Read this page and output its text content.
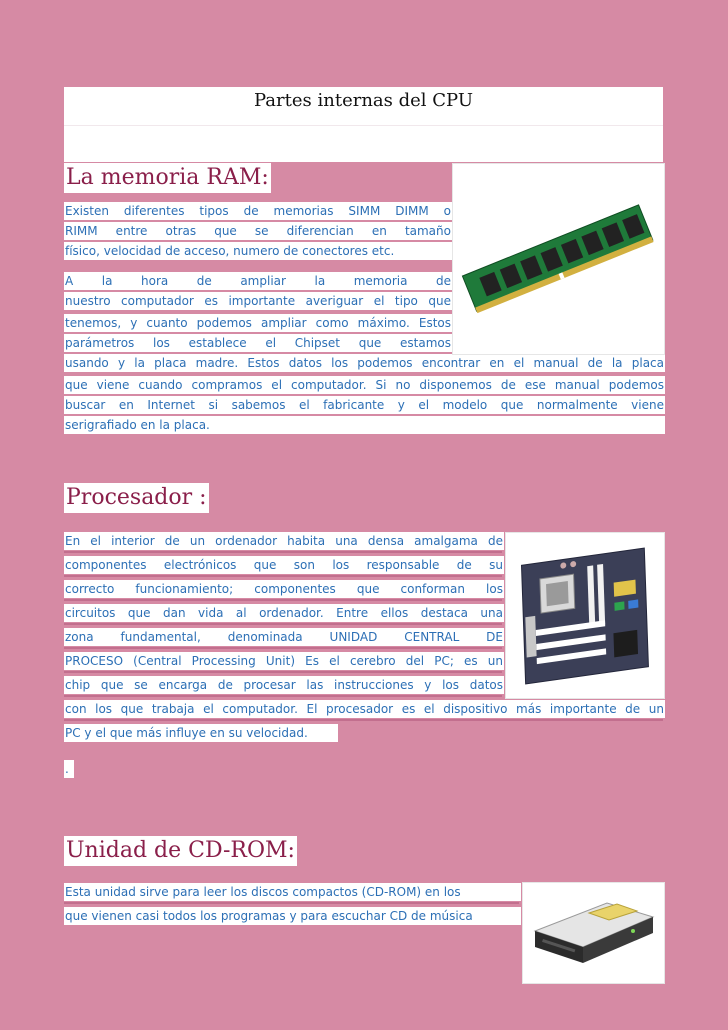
Partes internas del CPU
La memoria RAM:
Existen diferentes tipos de memorias SIMM DIMM o
RIMM entre otras que se diferencian en tamaño
físico, velocidad de acceso, numero de conectores etc.
A la hora de ampliar la memoria de
nuestro computador es importante averiguar el tipo que
tenemos, y cuanto podemos ampliar como máximo. Estos
parámetros los establece el Chipset que estamos
usando y la placa madre. Estos datos los podemos encontrar en el manual de la placa
que viene cuando compramos el computador. Si no disponemos de ese manual podemos
buscar en Internet si sabemos el fabricante y el modelo que normalmente viene
serigrafiado en la placa.
Procesador :
En el interior de un ordenador habita una densa amalgama de
componentes electrónicos que son los responsable de su
correcto funcionamiento; componentes que conforman los
circuitos que dan vida al ordenador. Entre ellos destaca una
zona fundamental, denominada UNIDAD CENTRAL DE
PROCESO (Central Processing Unit) Es el cerebro del PC; es un
chip que se encarga de procesar las instrucciones y los datos
con los que trabaja el computador. El procesador es el dispositivo más importante de un
PC y el que más influye en su velocidad.
.
Unidad de CD-ROM:
Esta unidad sirve para leer los discos compactos (CD-ROM) en los
que vienen casi todos los programas y para escuchar CD de música
